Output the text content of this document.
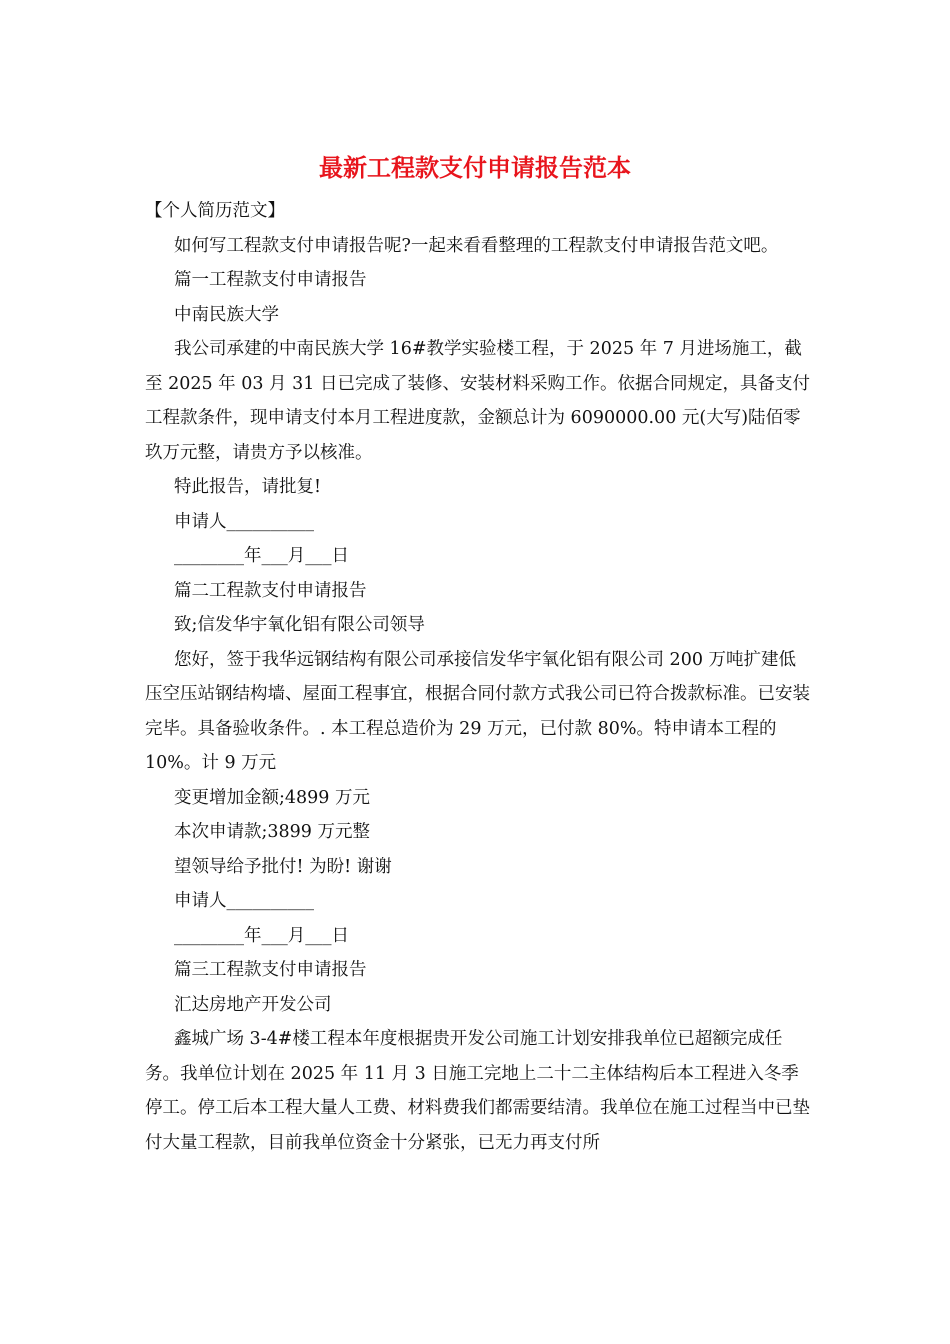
最新工程款支付申请报告范本

【个人简历范文】

如何写工程款支付申请报告呢?一起来看看整理的工程款支付申请报告范文吧。

篇一工程款支付申请报告

中南民族大学

我公司承建的中南民族大学 16#教学实验楼工程，于 2025 年 7 月进场施工，截至 2025 年 03 月 31 日已完成了装修、安装材料采购工作。依据合同规定，具备支付工程款条件，现申请支付本月工程进度款，金额总计为 6090000.00 元(大写)陆佰零玖万元整，请贵方予以核准。

特此报告，请批复!

申请人__________

________年___月___日

篇二工程款支付申请报告

致;信发华宇氧化铝有限公司领导

您好，签于我华远钢结构有限公司承接信发华宇氧化铝有限公司 200 万吨扩建低压空压站钢结构墙、屋面工程事宜，根据合同付款方式我公司已符合拨款标准。已安装完毕。具备验收条件。. 本工程总造价为 29 万元，已付款 80%。特申请本工程的 10%。计 9 万元

变更增加金额;4899 万元

本次申请款;3899 万元整

望领导给予批付! 为盼! 谢谢

申请人__________

________年___月___日

篇三工程款支付申请报告

汇达房地产开发公司

鑫城广场 3-4#楼工程本年度根据贵开发公司施工计划安排我单位已超额完成任务。我单位计划在 2025 年 11 月 3 日施工完地上二十二主体结构后本工程进入冬季停工。停工后本工程大量人工费、材料费我们都需要结清。我单位在施工过程当中已垫付大量工程款，目前我单位资金十分紧张，已无力再支付所
